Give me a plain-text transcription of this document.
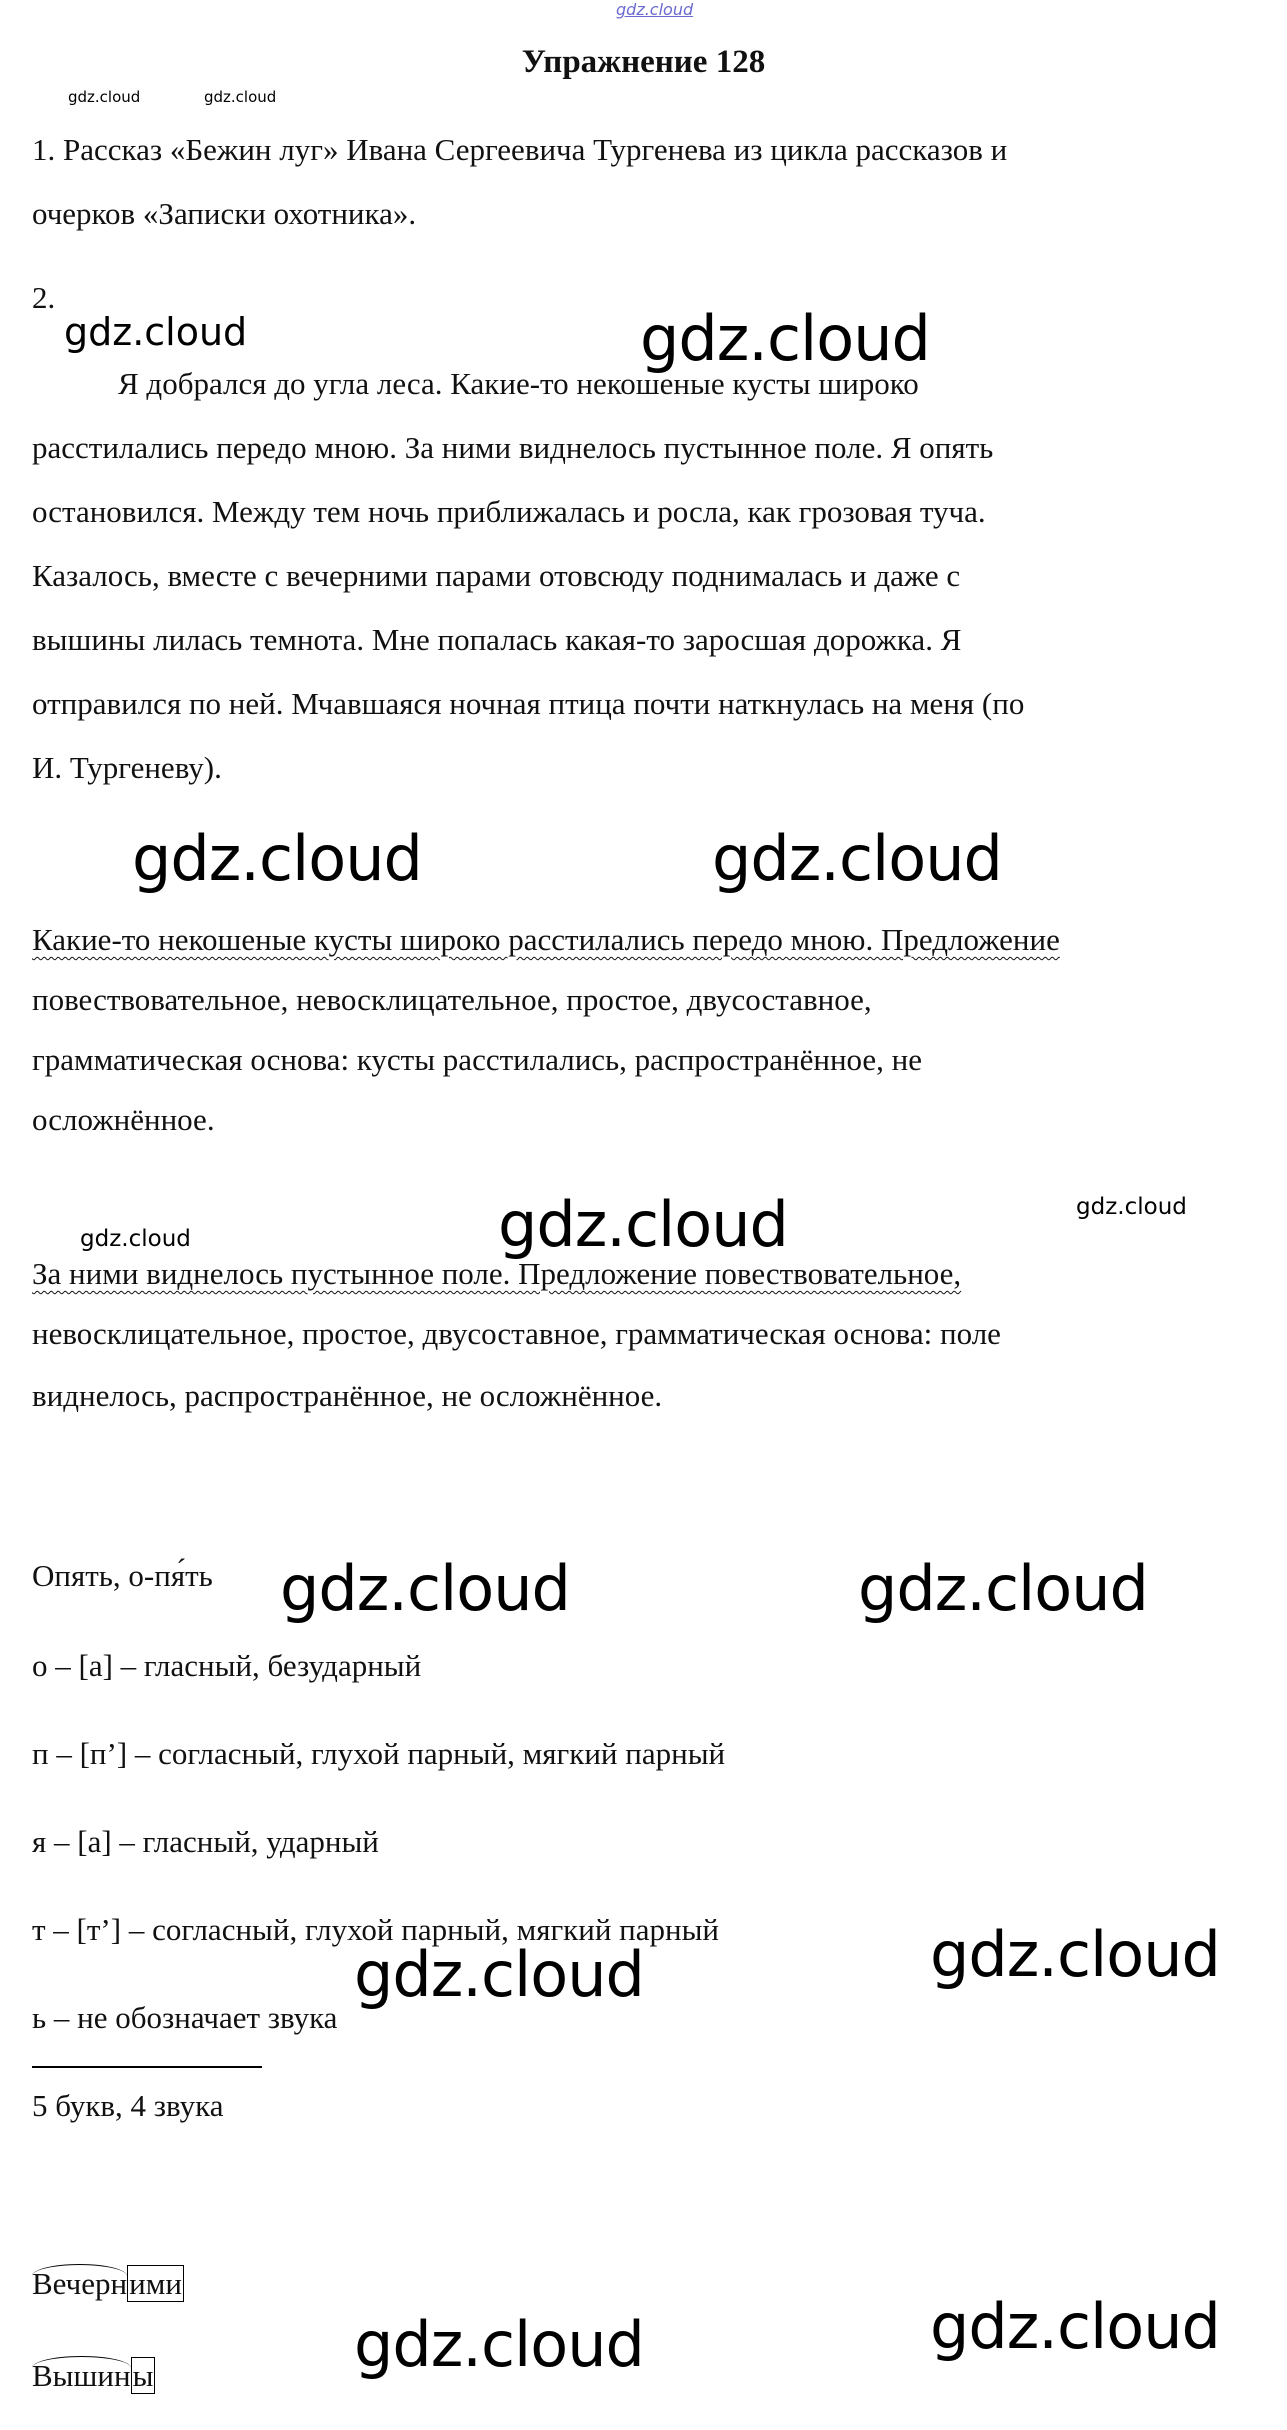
gdz.cloud
Упражнение 128
gdz.cloud	gdz.cloud
1. Рассказ «Бежин луг» Ивана Сергеевича Тургенева из цикла рассказов и
очерков «Записки охотника».
2.
gdz.cloud	gdz.cloud
Я добрался до угла леса. Какие-то некошеные кусты широко
расстилались передо мною. За ними виднелось пустынное поле. Я опять
остановился. Между тем ночь приближалась и росла, как грозовая туча.
Казалось, вместе с вечерними парами отовсюду поднималась и даже с
вышины лилась темнота. Мне попалась какая-то заросшая дорожка. Я
отправился по ней. Мчавшаяся ночная птица почти наткнулась на меня (по
И. Тургеневу).
gdz.cloud	gdz.cloud
Какие-то некошеные кусты широко расстилались передо мною. Предложение
повествовательное, невосклицательное, простое, двусоставное,
грамматическая основа: кусты расстилались, распространённое, не
осложнённое.
gdz.cloud	gdz.cloud	gdz.cloud
За ними виднелось пустынное поле. Предложение повествовательное,
невосклицательное, простое, двусоставное, грамматическая основа: поле
виднелось, распространённое, не осложнённое.
Опять, о-пя́ть gdz.cloud	gdz.cloud
о – [а] – гласный, безударный
п – [п’] – согласный, глухой парный, мягкий парный
я – [а] – гласный, ударный
т – [т’] – согласный, глухой парный, мягкий парный	gdz.cloud
gdz.cloud
ь – не обозначает звука
5 букв, 4 звука
Вечерними
gdz.cloud
gdz.cloud
Вышины
